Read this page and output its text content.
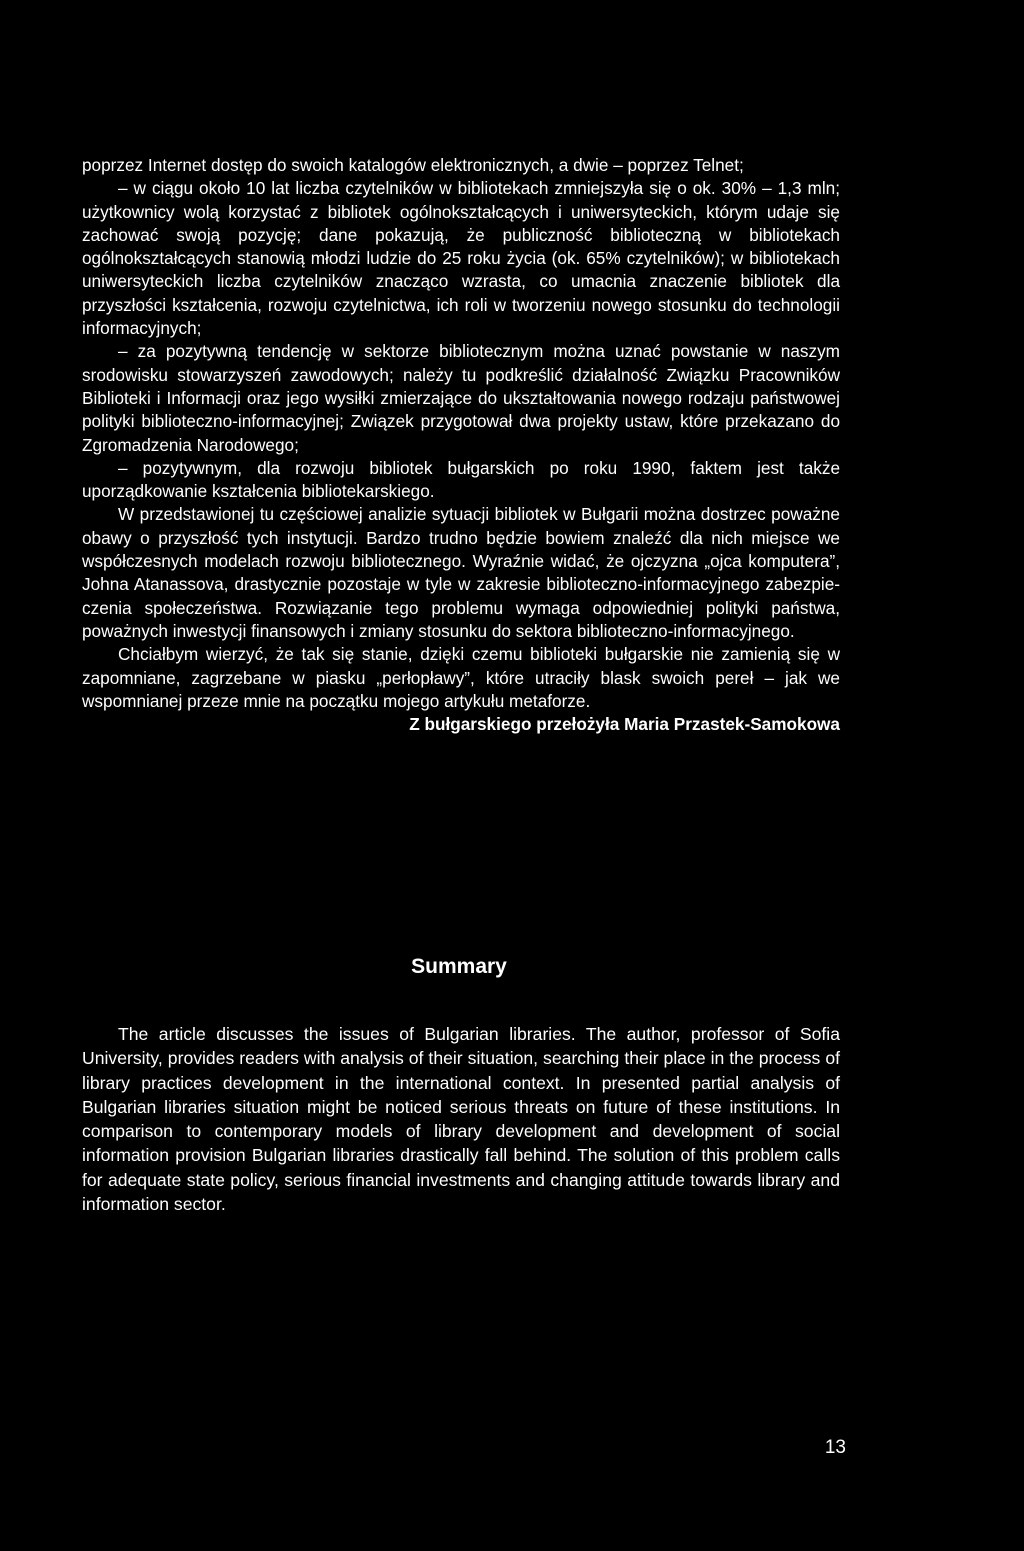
poprzez Internet dostęp do swoich katalogów elektronicznych, a dwie – poprzez Telnet;

– w ciągu około 10 lat liczba czytelników w bibliotekach zmniejszyła się o ok. 30% – 1,3 mln; użytkownicy wolą korzystać z bibliotek ogólnokształcących i uniwersyteckich, którym udaje się zachować swoją pozycję; dane pokazują, że publiczność biblioteczną w bibliotekach ogólnokształcących stanowią młodzi ludzie do 25 roku życia (ok. 65% czytelników); w bibliotekach uniwersyteckich liczba czytelników znacząco wzrasta, co umacnia znaczenie bibliotek dla przyszłości kształcenia, rozwoju czytelnictwa, ich roli w tworzeniu nowego stosunku do technologii informacyjnych;

– za pozytywną tendencję w sektorze bibliotecznym można uznać powstanie w naszym srodowisku stowarzyszeń zawodowych; należy tu podkreślić działalność Związku Pracowników Biblioteki i Informacji oraz jego wysiłki zmierzające do ukształtowania nowego rodzaju państwowej polityki biblioteczno-informacyjnej; Związek przygotował dwa projekty ustaw, które przekazano do Zgromadzenia Narodowego;

– pozytywnym, dla rozwoju bibliotek bułgarskich po roku 1990, faktem jest także uporządkowanie kształcenia bibliotekarskiego.

W przedstawionej tu częściowej analizie sytuacji bibliotek w Bułgarii można dostrzec poważne obawy o przyszłość tych instytucji. Bardzo trudno będzie bowiem znaleźć dla nich miejsce we współczesnych modelach rozwoju bibliotecznego. Wyraźnie widać, że ojczyzna „ojca komputera”, Johna Atanassova, drastycznie pozostaje w tyle w zakresie biblioteczno-informacyjnego zabezpieczenia społeczeństwa. Rozwiązanie tego problemu wymaga odpowiedniej polityki państwa, poważnych inwestycji finansowych i zmiany stosunku do sektora biblioteczno-informacyjnego.

Chciałbym wierzyć, że tak się stanie, dzięki czemu biblioteki bułgarskie nie zamienią się w zapomniane, zagrzebane w piasku „perłopławy”, które utraciły blask swoich pereł – jak we wspomnianej przeze mnie na początku mojego artykułu metaforze.

Z bułgarskiego przełożyła Maria Przastek-Samokowa

Summary

The article discusses the issues of Bulgarian libraries. The author, professor of Sofia University, provides readers with analysis of their situation, searching their place in the process of library practices development in the international context. In presented partial analysis of Bulgarian libraries situation might be noticed serious threats on future of these institutions. In comparison to contemporary models of library development and development of social information provision Bulgarian libraries drastically fall behind. The solution of this problem calls for adequate state policy, serious financial investments and changing attitude towards library and information sector.

13
